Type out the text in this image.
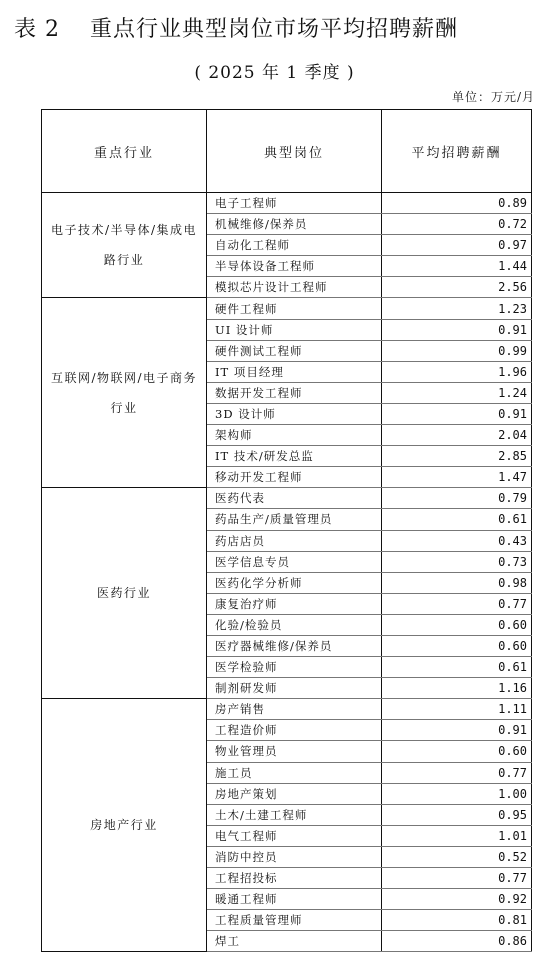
表 2 重点行业典型岗位市场平均招聘薪酬
( 2025 年 1 季度 )
单位：万元/月
重点行业	典型岗位	平均招聘薪酬
电子技术/半导体/集成电 路行业	电子工程师	0.89
	机械维修/保养员	0.72
	自动化工程师	0.97
	半导体设备工程师	1.44
	模拟芯片设计工程师	2.56
互联网/物联网/电子商务 行业	硬件工程师	1.23
	UI 设计师	0.91
	硬件测试工程师	0.99
	IT 项目经理	1.96
	数据开发工程师	1.24
	3D 设计师	0.91
	架构师	2.04
	IT 技术/研发总监	2.85
	移动开发工程师	1.47
医药行业	医药代表	0.79
	药品生产/质量管理员	0.61
	药店店员	0.43
	医学信息专员	0.73
	医药化学分析师	0.98
	康复治疗师	0.77
	化验/检验员	0.60
	医疗器械维修/保养员	0.60
	医学检验师	0.61
	制剂研发师	1.16
房地产行业	房产销售	1.11
	工程造价师	0.91
	物业管理员	0.60
	施工员	0.77
	房地产策划	1.00
	土木/土建工程师	0.95
	电气工程师	1.01
	消防中控员	0.52
	工程招投标	0.77
	暖通工程师	0.92
	工程质量管理师	0.81
	焊工	0.86
